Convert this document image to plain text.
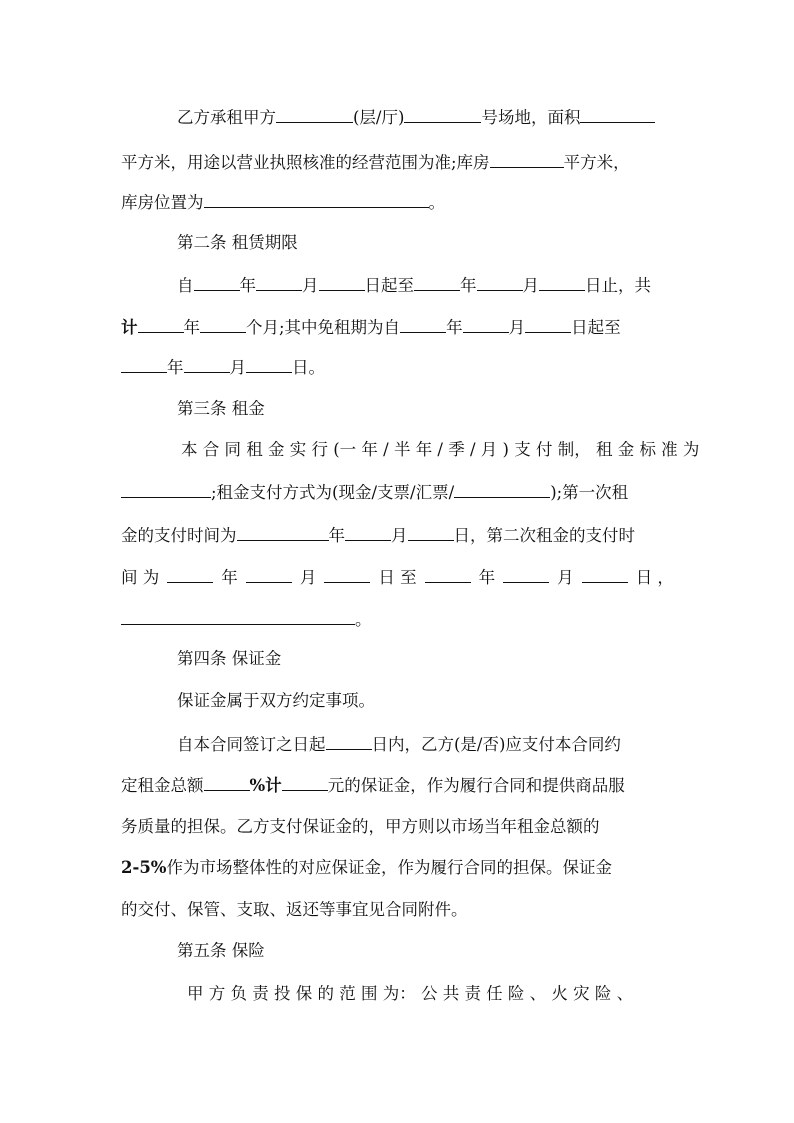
乙方承租甲方	(层/厅)	号场地，面积
平方米，用途以营业执照核准的经营范围为准;库房	平方米，
库房位置为	。
第二条 租赁期限
自	年	月	日起至	年	月	日止，共
计	年	个月;其中免租期为自	年	月	日起至
年	月	日。
第三条 租金
本 合 同 租 金 实 行 (一 年 / 半 年 / 季 / 月 ) 支 付 制， 租 金 标 准 为
;租金支付方式为(现金/支票/汇票/	);第一次租
金的支付时间为	年	月	日，第二次租金的支付时
间 为	年	月	日 至	年	月	日 ，
。
第四条 保证金
保证金属于双方约定事项。
自本合同签订之日起	日内，乙方(是/否)应支付本合同约
定租金总额	%计	元的保证金，作为履行合同和提供商品服
务质量的担保。乙方支付保证金的，甲方则以市场当年租金总额的
2-5%作为市场整体性的对应保证金，作为履行合同的担保。保证金
的交付、保管、支取、返还等事宜见合同附件。
第五条 保险
甲 方 负 责 投 保 的 范 围 为： 公 共 责 任 险 、 火 灾 险 、
